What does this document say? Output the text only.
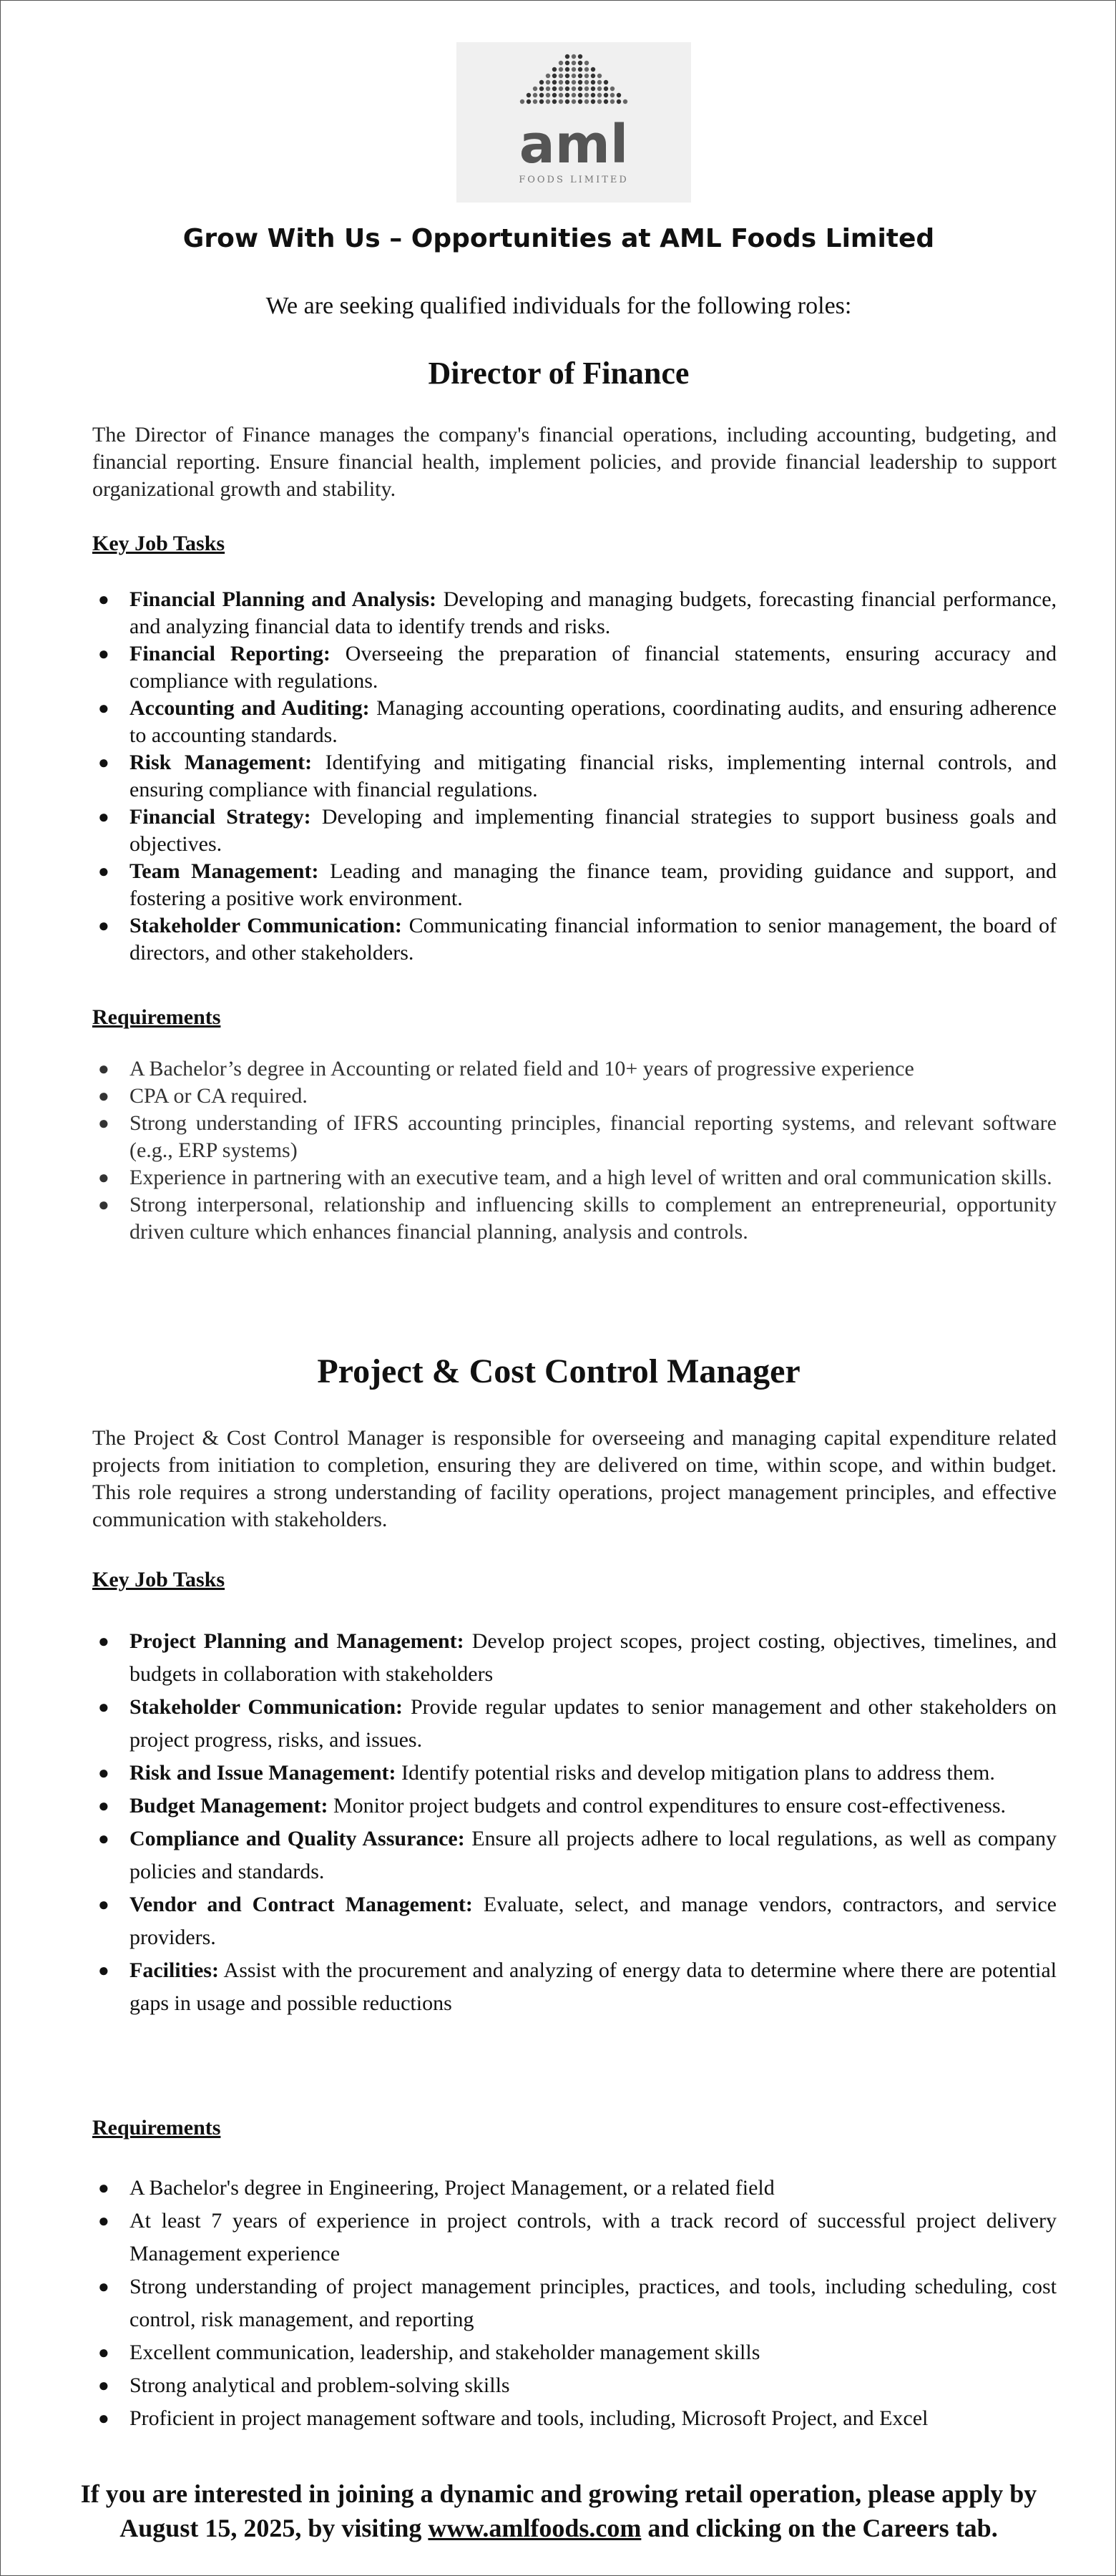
aml
FOODS LIMITED
Grow With Us – Opportunities at AML Foods Limited
We are seeking qualified individuals for the following roles:
Director of Finance
The Director of Finance manages the company's financial operations, including accounting, budgeting, and financial reporting. Ensure financial health, implement policies, and provide financial leadership to support organizational growth and stability.
Key Job Tasks
● Financial Planning and Analysis: Developing and managing budgets, forecasting financial performance, and analyzing financial data to identify trends and risks.
● Financial Reporting: Overseeing the preparation of financial statements, ensuring accuracy and compliance with regulations.
● Accounting and Auditing: Managing accounting operations, coordinating audits, and ensuring adherence to accounting standards.
● Risk Management: Identifying and mitigating financial risks, implementing internal controls, and ensuring compliance with financial regulations.
● Financial Strategy: Developing and implementing financial strategies to support business goals and objectives.
● Team Management: Leading and managing the finance team, providing guidance and support, and fostering a positive work environment.
● Stakeholder Communication: Communicating financial information to senior management, the board of directors, and other stakeholders.
Requirements
● A Bachelor’s degree in Accounting or related field and 10+ years of progressive experience
● CPA or CA required.
● Strong understanding of IFRS accounting principles, financial reporting systems, and relevant software (e.g., ERP systems)
● Experience in partnering with an executive team, and a high level of written and oral communication skills.
● Strong interpersonal, relationship and influencing skills to complement an entrepreneurial, opportunity driven culture which enhances financial planning, analysis and controls.
Project & Cost Control Manager
The Project & Cost Control Manager is responsible for overseeing and managing capital expenditure related projects from initiation to completion, ensuring they are delivered on time, within scope, and within budget. This role requires a strong understanding of facility operations, project management principles, and effective communication with stakeholders.
Key Job Tasks
● Project Planning and Management: Develop project scopes, project costing, objectives, timelines, and budgets in collaboration with stakeholders
● Stakeholder Communication: Provide regular updates to senior management and other stakeholders on project progress, risks, and issues.
● Risk and Issue Management: Identify potential risks and develop mitigation plans to address them.
● Budget Management: Monitor project budgets and control expenditures to ensure cost-effectiveness.
● Compliance and Quality Assurance: Ensure all projects adhere to local regulations, as well as company policies and standards.
● Vendor and Contract Management: Evaluate, select, and manage vendors, contractors, and service providers.
● Facilities: Assist with the procurement and analyzing of energy data to determine where there are potential gaps in usage and possible reductions
Requirements
● A Bachelor's degree in Engineering, Project Management, or a related field
● At least 7 years of experience in project controls, with a track record of successful project delivery Management experience
● Strong understanding of project management principles, practices, and tools, including scheduling, cost control, risk management, and reporting
● Excellent communication, leadership, and stakeholder management skills
● Strong analytical and problem-solving skills
● Proficient in project management software and tools, including, Microsoft Project, and Excel
If you are interested in joining a dynamic and growing retail operation, please apply by August 15, 2025, by visiting www.amlfoods.com and clicking on the Careers tab.
